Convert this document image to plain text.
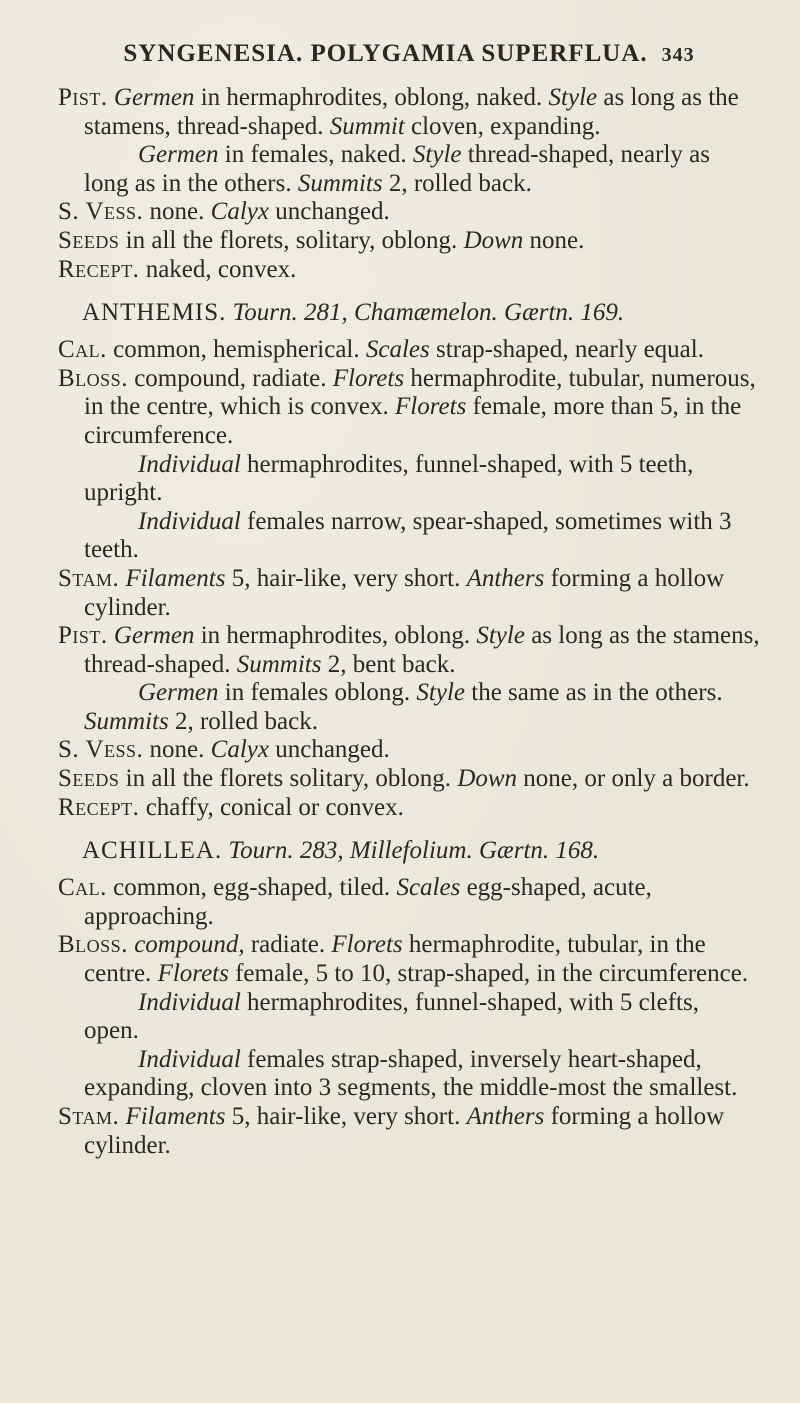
SYNGENESIA. POLYGAMIA SUPERFLUA. 343

Pist. Germen in hermaphrodites, oblong, naked. Style as long as the stamens, thread-shaped. Summit cloven, expanding.

Germen in females, naked. Style thread-shaped, nearly as long as in the others. Summits 2, rolled back.

S. Vess. none. Calyx unchanged.

Seeds in all the florets, solitary, oblong. Down none.

Recept. naked, convex.

ANTHEMIS. Tourn. 281, Chamæmelon. Gærtn. 169.

Cal. common, hemispherical. Scales strap-shaped, nearly equal.

Bloss. compound, radiate. Florets hermaphrodite, tubular, numerous, in the centre, which is convex. Florets female, more than 5, in the circumference.

Individual hermaphrodites, funnel-shaped, with 5 teeth, upright.

Individual females narrow, spear-shaped, sometimes with 3 teeth.

Stam. Filaments 5, hair-like, very short. Anthers forming a hollow cylinder.

Pist. Germen in hermaphrodites, oblong. Style as long as the stamens, thread-shaped. Summits 2, bent back.

Germen in females oblong. Style the same as in the others. Summits 2, rolled back.

S. Vess. none. Calyx unchanged.

Seeds in all the florets solitary, oblong. Down none, or only a border.

Recept. chaffy, conical or convex.

ACHILLEA. Tourn. 283, Millefolium. Gærtn. 168.

Cal. common, egg-shaped, tiled. Scales egg-shaped, acute, approaching.

Bloss. compound, radiate. Florets hermaphrodite, tubular, in the centre. Florets female, 5 to 10, strap-shaped, in the circumference.

Individual hermaphrodites, funnel-shaped, with 5 clefts, open.

Individual females strap-shaped, inversely heart-shaped, expanding, cloven into 3 segments, the middle-most the smallest.

Stam. Filaments 5, hair-like, very short. Anthers forming a hollow cylinder.
